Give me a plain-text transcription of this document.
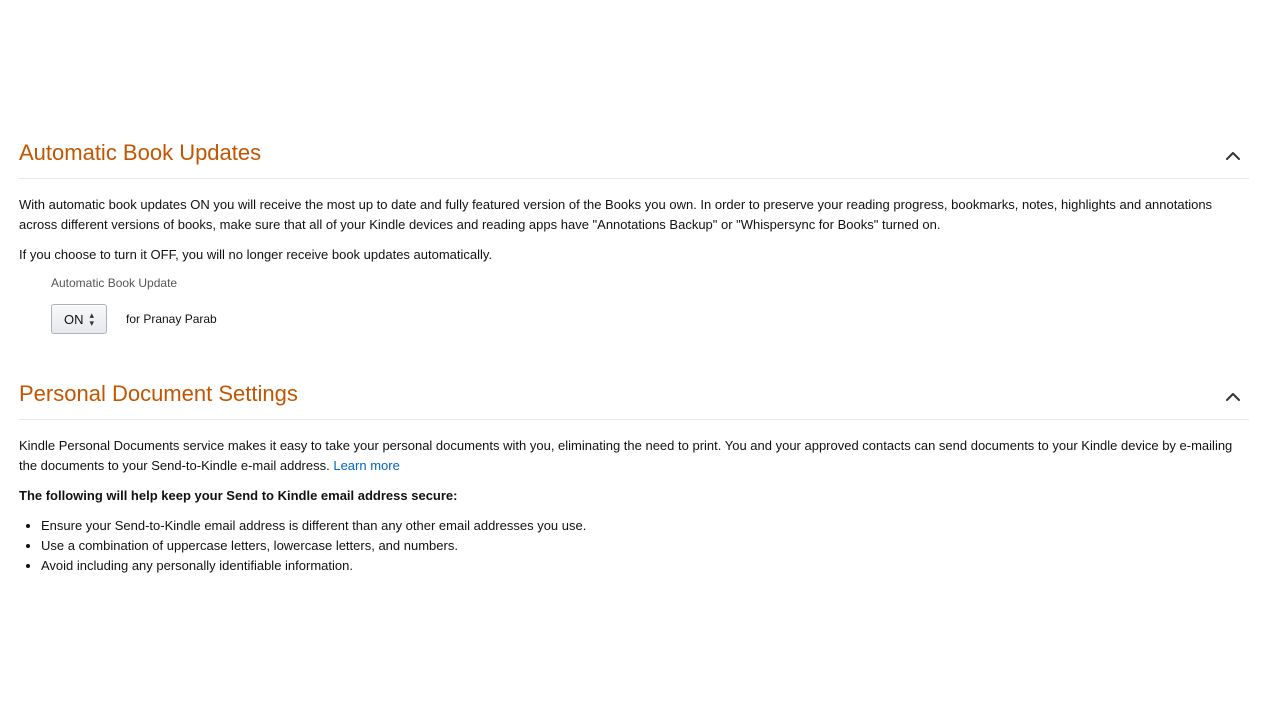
Automatic Book Updates

With automatic book updates ON you will receive the most up to date and fully featured version of the Books you own. In order to preserve your reading progress, bookmarks, notes, highlights and annotations across different versions of books, make sure that all of your Kindle devices and reading apps have "Annotations Backup" or "Whispersync for Books" turned on.

If you choose to turn it OFF, you will no longer receive book updates automatically.

Automatic Book Update
ON ▴
▾	for Pranay Parab
Personal Document Settings

Kindle Personal Documents service makes it easy to take your personal documents with you, eliminating the need to print. You and your approved contacts can send documents to your Kindle device by e-mailing the documents to your Send-to-Kindle e-mail address. Learn more

The following will help keep your Send to Kindle email address secure:

• Ensure your Send-to-Kindle email address is different than any other email addresses you use.
• Use a combination of uppercase letters, lowercase letters, and numbers.
• Avoid including any personally identifiable information.
